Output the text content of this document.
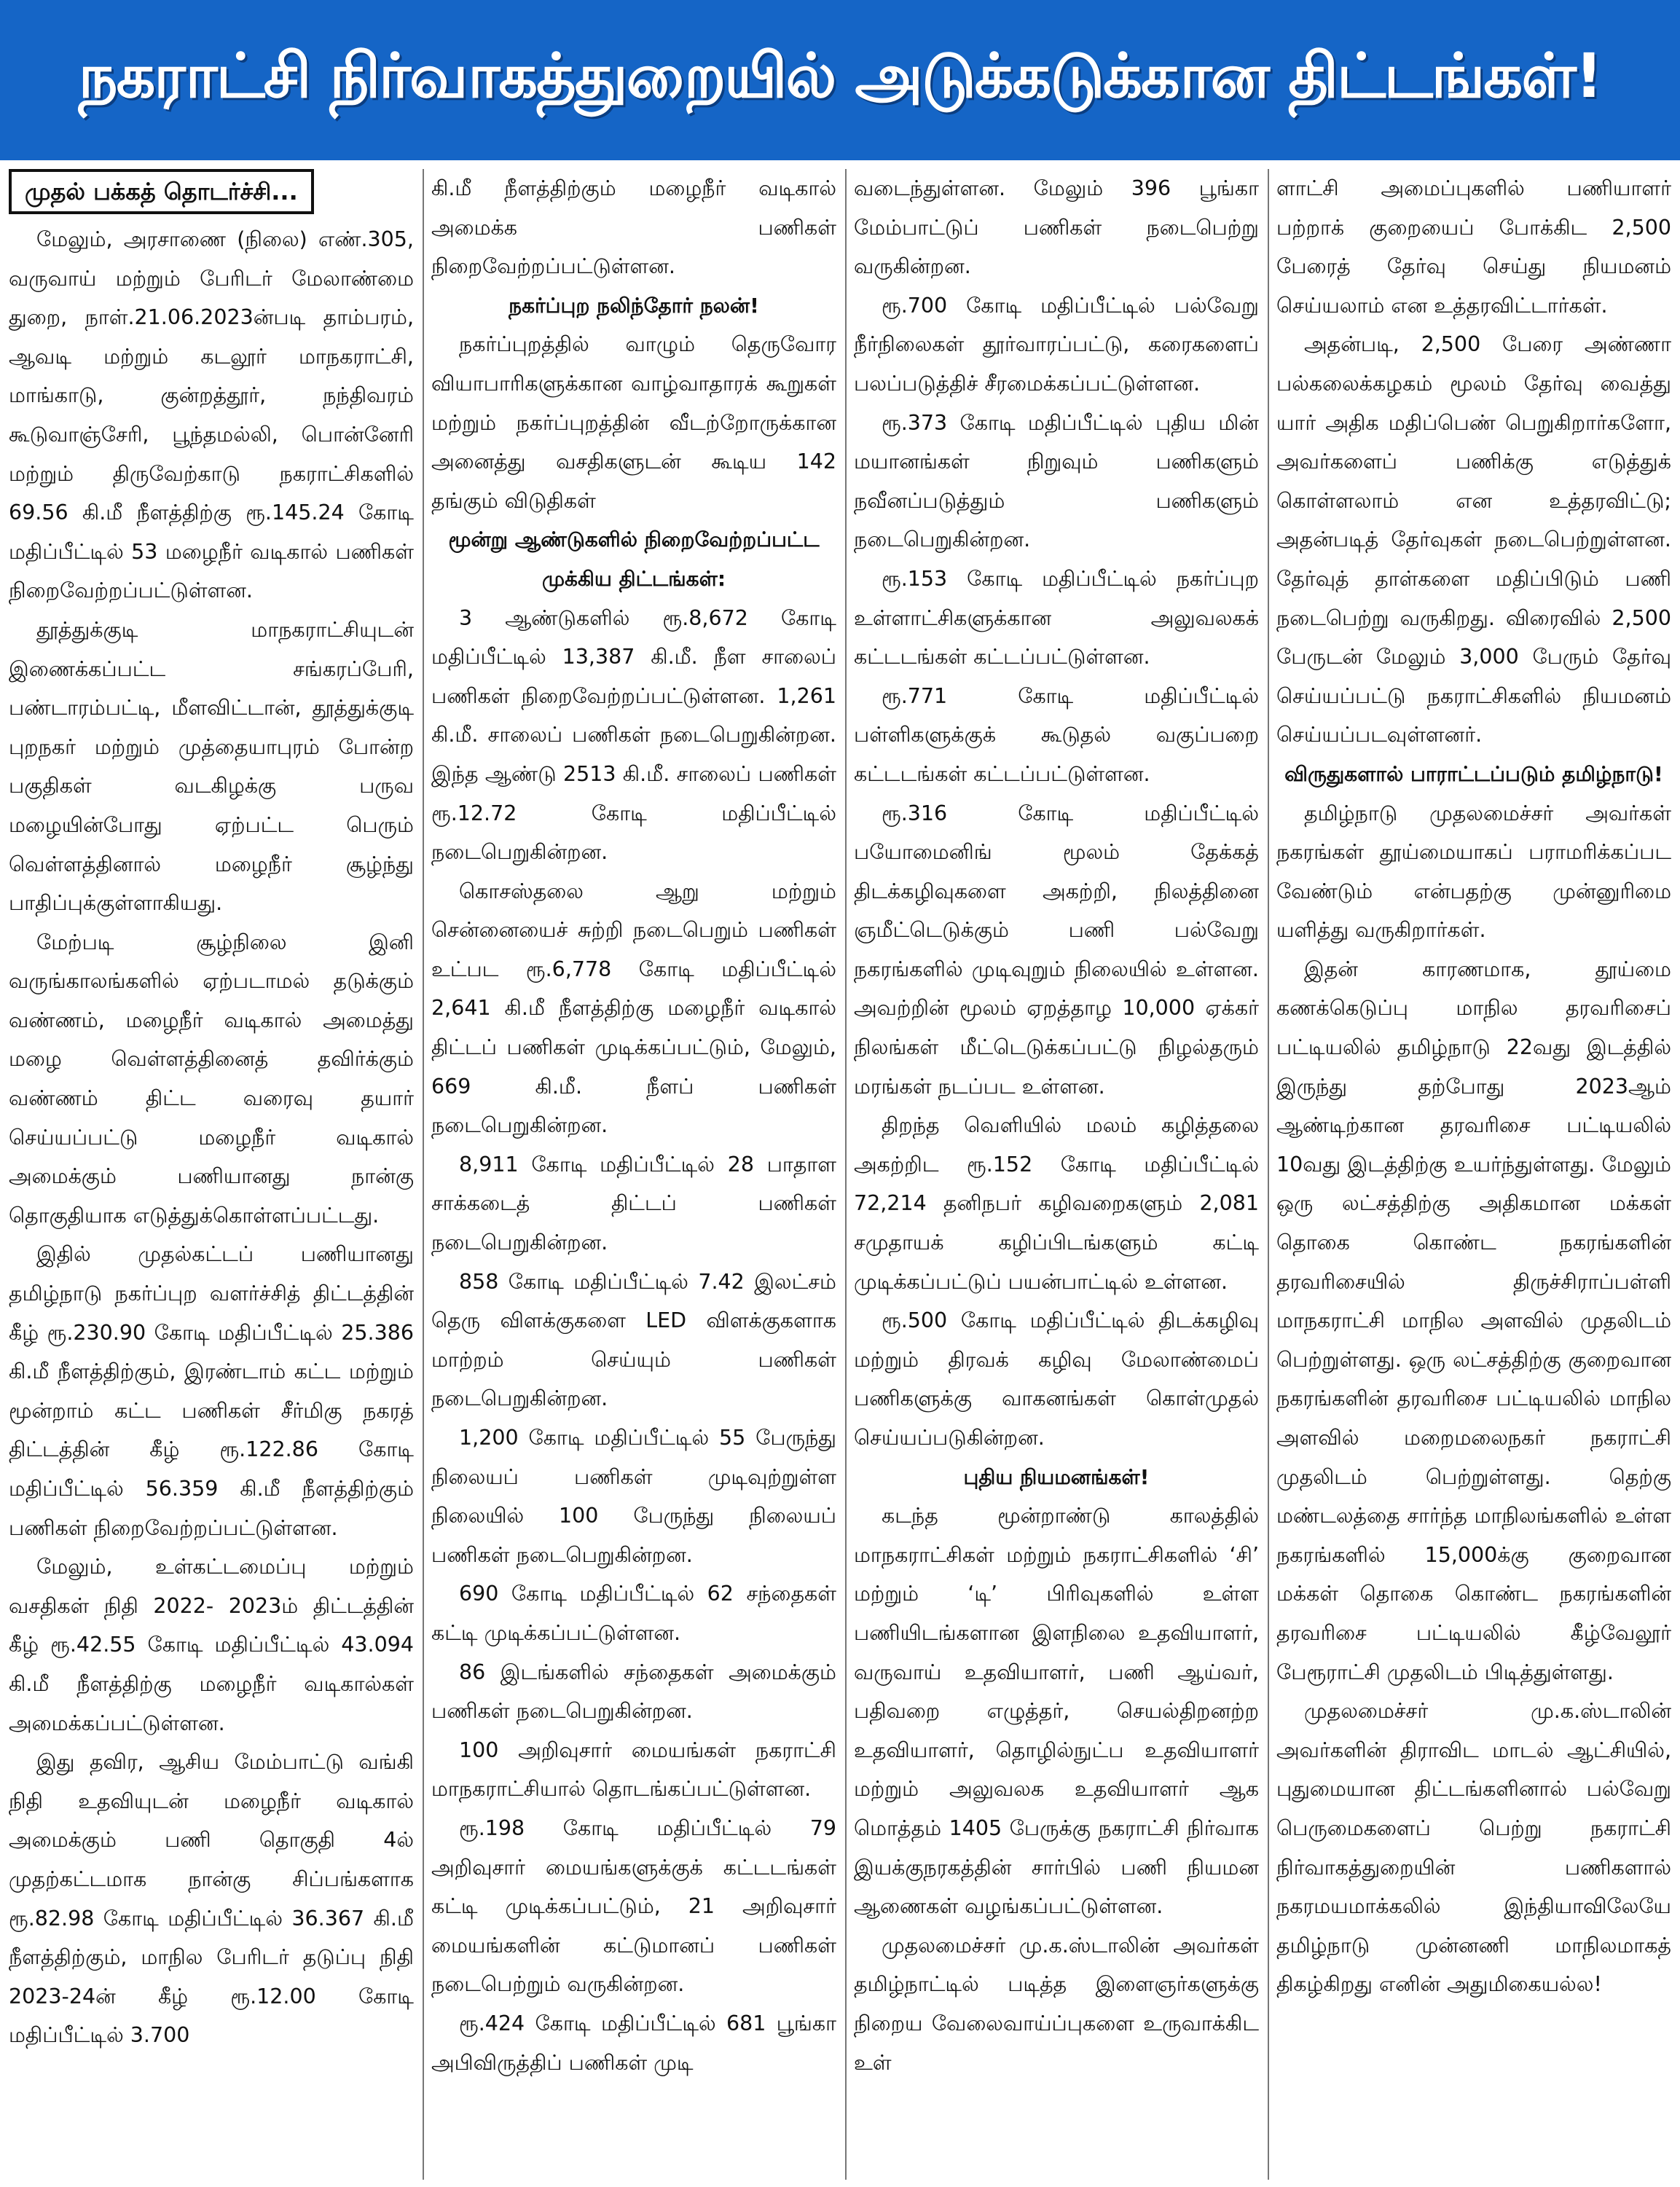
நகராட்சி நிர்வாகத்துறையில் அடுக்கடுக்கான திட்டங்கள்!
முதல் பக்கத் தொடர்ச்சி...

மேலும், அரசாணை (நிலை) எண்.305, வருவாய் மற்றும் பேரிடர் மேலாண்மை துறை, நாள்.21.06.2023ன்படி தாம்பரம், ஆவடி மற்றும் கடலூர் மாநகராட்சி, மாங்காடு, குன்றத்தூர், நந்திவரம் கூடுவாஞ்சேரி, பூந்தமல்லி, பொன்னேரி மற்றும் திருவேற்காடு நகராட்சிகளில் 69.56 கி.மீ நீளத்திற்கு ரூ.145.24 கோடி மதிப்பீட்டில் 53 மழைநீர் வடிகால் பணிகள் நிறைவேற்றப்பட்டுள்ளன.

தூத்துக்குடி மாநகராட்சியுடன் இணைக்கப்பட்ட சங்கரப்பேரி, பண்டாரம்பட்டி, மீளவிட்டான், தூத்துக்குடி புறநகர் மற்றும் முத்தையாபுரம் போன்ற பகுதிகள் வடகிழக்கு பருவ மழையின்போது ஏற்பட்ட பெரும் வெள்ளத்தினால் மழைநீர் சூழ்ந்து பாதிப்புக்குள்ளாகியது.

மேற்படி சூழ்நிலை இனி வருங்காலங்களில் ஏற்படாமல் தடுக்கும் வண்ணம், மழைநீர் வடிகால் அமைத்து மழை வெள்ளத்தினைத் தவிர்க்கும் வண்ணம் திட்ட வரைவு தயார் செய்யப்பட்டு மழைநீர் வடிகால் அமைக்கும் பணியானது நான்கு தொகுதியாக எடுத்துக்கொள்ளப்பட்டது.

இதில் முதல்கட்டப் பணியானது தமிழ்நாடு நகர்ப்புற வளர்ச்சித் திட்டத்தின் கீழ் ரூ.230.90 கோடி மதிப்பீட்டில் 25.386 கி.மீ நீளத்திற்கும், இரண்டாம் கட்ட மற்றும் மூன்றாம் கட்ட பணிகள் சீர்மிகு நகரத் திட்டத்தின் கீழ் ரூ.122.86 கோடி மதிப்பீட்டில் 56.359 கி.மீ நீளத்திற்கும் பணிகள் நிறைவேற்றப்பட்டுள்ளன.

மேலும், உள்கட்டமைப்பு மற்றும் வசதிகள் நிதி 2022- 2023ம் திட்டத்தின் கீழ் ரூ.42.55 கோடி மதிப்பீட்டில் 43.094 கி.மீ நீளத்திற்கு மழைநீர் வடிகால்கள் அமைக்கப்பட்டுள்ளன.

இது தவிர, ஆசிய மேம்பாட்டு வங்கி நிதி உதவியுடன் மழைநீர் வடிகால் அமைக்கும் பணி தொகுதி 4ல் முதற்கட்டமாக நான்கு சிப்பங்களாக ரூ.82.98 கோடி மதிப்பீட்டில் 36.367 கி.மீ நீளத்திற்கும், மாநில பேரிடர் தடுப்பு நிதி 2023-24ன் கீழ் ரூ.12.00 கோடி மதிப்பீட்டில் 3.700

கி.மீ நீளத்திற்கும் மழைநீர் வடிகால் அமைக்க பணிகள் நிறைவேற்றப்பட்டுள்ளன.

நகர்ப்புற நலிந்தோர் நலன்!

நகர்ப்புறத்தில் வாழும் தெருவோர வியாபாரிகளுக்கான வாழ்வாதாரக் கூறுகள் மற்றும் நகர்ப்புறத்தின் வீடற்றோருக்கான அனைத்து வசதிகளுடன் கூடிய 142 தங்கும் விடுதிகள்

மூன்று ஆண்டுகளில் நிறைவேற்றப்பட்ட முக்கிய திட்டங்கள்:

3 ஆண்டுகளில் ரூ.8,672 கோடி மதிப்பீட்டில் 13,387 கி.மீ. நீள சாலைப் பணிகள் நிறைவேற்றப்பட்டுள்ளன. 1,261 கி.மீ. சாலைப் பணிகள் நடைபெறுகின்றன. இந்த ஆண்டு 2513 கி.மீ. சாலைப் பணிகள் ரூ.12.72 கோடி மதிப்பீட்டில் நடைபெறுகின்றன.

கொசஸ்தலை ஆறு மற்றும் சென்னையைச் சுற்றி நடைபெறும் பணிகள் உட்பட ரூ.6,778 கோடி மதிப்பீட்டில் 2,641 கி.மீ நீளத்திற்கு மழைநீர் வடிகால் திட்டப் பணிகள் முடிக்கப்பட்டும், மேலும், 669 கி.மீ. நீளப் பணிகள் நடைபெறுகின்றன.

8,911 கோடி மதிப்பீட்டில் 28 பாதாள சாக்கடைத் திட்டப் பணிகள் நடைபெறுகின்றன.

858 கோடி மதிப்பீட்டில் 7.42 இலட்சம் தெரு விளக்குகளை LED விளக்குகளாக மாற்றம் செய்யும் பணிகள் நடைபெறுகின்றன.

1,200 கோடி மதிப்பீட்டில் 55 பேருந்து நிலையப் பணிகள் முடிவுற்றுள்ள நிலையில் 100 பேருந்து நிலையப் பணிகள் நடைபெறுகின்றன.

690 கோடி மதிப்பீட்டில் 62 சந்தைகள் கட்டி முடிக்கப்பட்டுள்ளன.

86 இடங்களில் சந்தைகள் அமைக்கும் பணிகள் நடைபெறுகின்றன.

100 அறிவுசார் மையங்கள் நகராட்சி மாநகராட்சியால் தொடங்கப்பட்டுள்ளன.

ரூ.198 கோடி மதிப்பீட்டில் 79 அறிவுசார் மையங்களுக்குக் கட்டடங்கள் கட்டி முடிக்கப்பட்டும், 21 அறிவுசார் மையங்களின் கட்டுமானப் பணிகள் நடைபெற்றும் வருகின்றன.

ரூ.424 கோடி மதிப்பீட்டில் 681 பூங்கா அபிவிருத்திப் பணிகள் முடி

வடைந்துள்ளன. மேலும் 396 பூங்கா மேம்பாட்டுப் பணிகள் நடைபெற்று வருகின்றன.

ரூ.700 கோடி மதிப்பீட்டில் பல்வேறு நீர்நிலைகள் தூர்வாரப்பட்டு, கரைகளைப் பலப்படுத்திச் சீரமைக்கப்பட்டுள்ளன.

ரூ.373 கோடி மதிப்பீட்டில் புதிய மின் மயானங்கள் நிறுவும் பணிகளும் நவீனப்படுத்தும் பணிகளும் நடைபெறுகின்றன.

ரூ.153 கோடி மதிப்பீட்டில் நகர்ப்புற உள்ளாட்சிகளுக்கான அலுவலகக் கட்டடங்கள் கட்டப்பட்டுள்ளன.

ரூ.771 கோடி மதிப்பீட்டில் பள்ளிகளுக்குக் கூடுதல் வகுப்பறை கட்டடங்கள் கட்டப்பட்டுள்ளன.

ரூ.316 கோடி மதிப்பீட்டில் பயோமைனிங் மூலம் தேக்கத் திடக்கழிவுகளை அகற்றி, நிலத்தினை ஞமீட்டெடுக்கும் பணி பல்வேறு நகரங்களில் முடிவுறும் நிலையில் உள்ளன. அவற்றின் மூலம் ஏறத்தாழ 10,000 ஏக்கர் நிலங்கள் மீட்டெடுக்கப்பட்டு நிழல்தரும் மரங்கள் நடப்பட உள்ளன.

திறந்த வெளியில் மலம் கழித்தலை அகற்றிட ரூ.152 கோடி மதிப்பீட்டில் 72,214 தனிநபர் கழிவறைகளும் 2,081 சமுதாயக் கழிப்பிடங்களும் கட்டி முடிக்கப்பட்டுப் பயன்பாட்டில் உள்ளன.

ரூ.500 கோடி மதிப்பீட்டில் திடக்கழிவு மற்றும் திரவக் கழிவு மேலாண்மைப் பணிகளுக்கு வாகனங்கள் கொள்முதல் செய்யப்படுகின்றன.

புதிய நியமனங்கள்!

கடந்த மூன்றாண்டு காலத்தில் மாநகராட்சிகள் மற்றும் நகராட்சிகளில் ‘சி’ மற்றும் ‘டி’ பிரிவுகளில் உள்ள பணியிடங்களான இளநிலை உதவியாளர், வருவாய் உதவியாளர், பணி ஆய்வர், பதிவறை எழுத்தர், செயல்திறனற்ற உதவியாளர், தொழில்நுட்ப உதவியாளர் மற்றும் அலுவலக உதவியாளர் ஆக மொத்தம் 1405 பேருக்கு நகராட்சி நிர்வாக இயக்குநரகத்தின் சார்பில் பணி நியமன ஆணைகள் வழங்கப்பட்டுள்ளன.

முதலமைச்சர் மு.க.ஸ்டாலின் அவர்கள் தமிழ்நாட்டில் படித்த இளைஞர்களுக்கு நிறைய வேலைவாய்ப்புகளை உருவாக்கிட உள்

ளாட்சி அமைப்புகளில் பணியாளர் பற்றாக் குறையைப் போக்கிட 2,500 பேரைத் தேர்வு செய்து நியமனம் செய்யலாம் என உத்தரவிட்டார்கள்.

அதன்படி, 2,500 பேரை அண்ணா பல்கலைக்கழகம் மூலம் தேர்வு வைத்து யார் அதிக மதிப்பெண் பெறுகிறார்களோ, அவர்களைப் பணிக்கு எடுத்துக் கொள்ளலாம் என உத்தரவிட்டு; அதன்படித் தேர்வுகள் நடைபெற்றுள்ளன. தேர்வுத் தாள்களை மதிப்பிடும் பணி நடைபெற்று வருகிறது. விரைவில் 2,500 பேருடன் மேலும் 3,000 பேரும் தேர்வு செய்யப்பட்டு நகராட்சிகளில் நியமனம் செய்யப்படவுள்ளனர்.

விருதுகளால் பாராட்டப்படும் தமிழ்நாடு!

தமிழ்நாடு முதலமைச்சர் அவர்கள் நகரங்கள் தூய்மையாகப் பராமரிக்கப்பட வேண்டும் என்பதற்கு முன்னுரிமை யளித்து வருகிறார்கள்.

இதன் காரணமாக, தூய்மை கணக்கெடுப்பு மாநில தரவரிசைப் பட்டியலில் தமிழ்நாடு 22வது இடத்தில் இருந்து தற்போது 2023ஆம் ஆண்டிற்கான தரவரிசை பட்டியலில் 10வது இடத்திற்கு உயர்ந்துள்ளது. மேலும் ஒரு லட்சத்திற்கு அதிகமான மக்கள் தொகை கொண்ட நகரங்களின் தரவரிசையில் திருச்சிராப்பள்ளி மாநகராட்சி மாநில அளவில் முதலிடம் பெற்றுள்ளது. ஒரு லட்சத்திற்கு குறைவான நகரங்களின் தரவரிசை பட்டியலில் மாநில அளவில் மறைமலைநகர் நகராட்சி முதலிடம் பெற்றுள்ளது. தெற்கு மண்டலத்தை சார்ந்த மாநிலங்களில் உள்ள நகரங்களில் 15,000க்கு குறைவான மக்கள் தொகை கொண்ட நகரங்களின் தரவரிசை பட்டியலில் கீழ்வேலூர் பேரூராட்சி முதலிடம் பிடித்துள்ளது.

முதலமைச்சர் மு.க.ஸ்டாலின் அவர்களின் திராவிட மாடல் ஆட்சியில், புதுமையான திட்டங்களினால் பல்வேறு பெருமைகளைப் பெற்று நகராட்சி நிர்வாகத்துறையின் பணிகளால் நகரமயமாக்கலில் இந்தியாவிலேயே தமிழ்நாடு முன்னணி மாநிலமாகத் திகழ்கிறது எனின் அதுமிகையல்ல!
